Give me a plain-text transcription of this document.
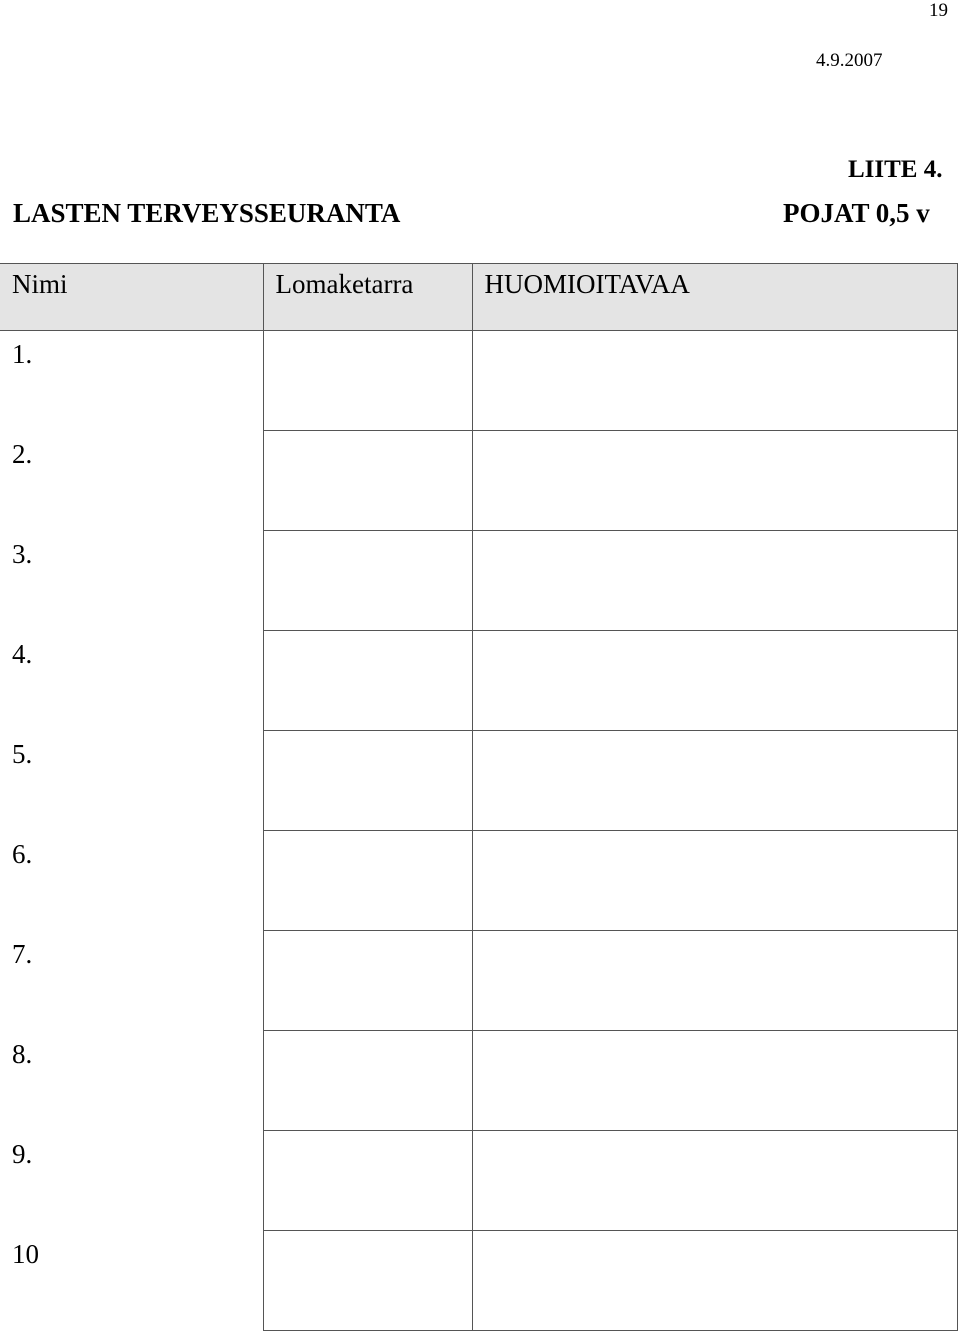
19
4.9.2007
LIITE 4.
LASTEN TERVEYSSEURANTA	POJAT 0,5 v
Nimi	Lomaketarra	HUOMIOITAVAA

1.		

2.		

3.		

4.		

5.		

6.		

7.		

8.		

9.		

10		
